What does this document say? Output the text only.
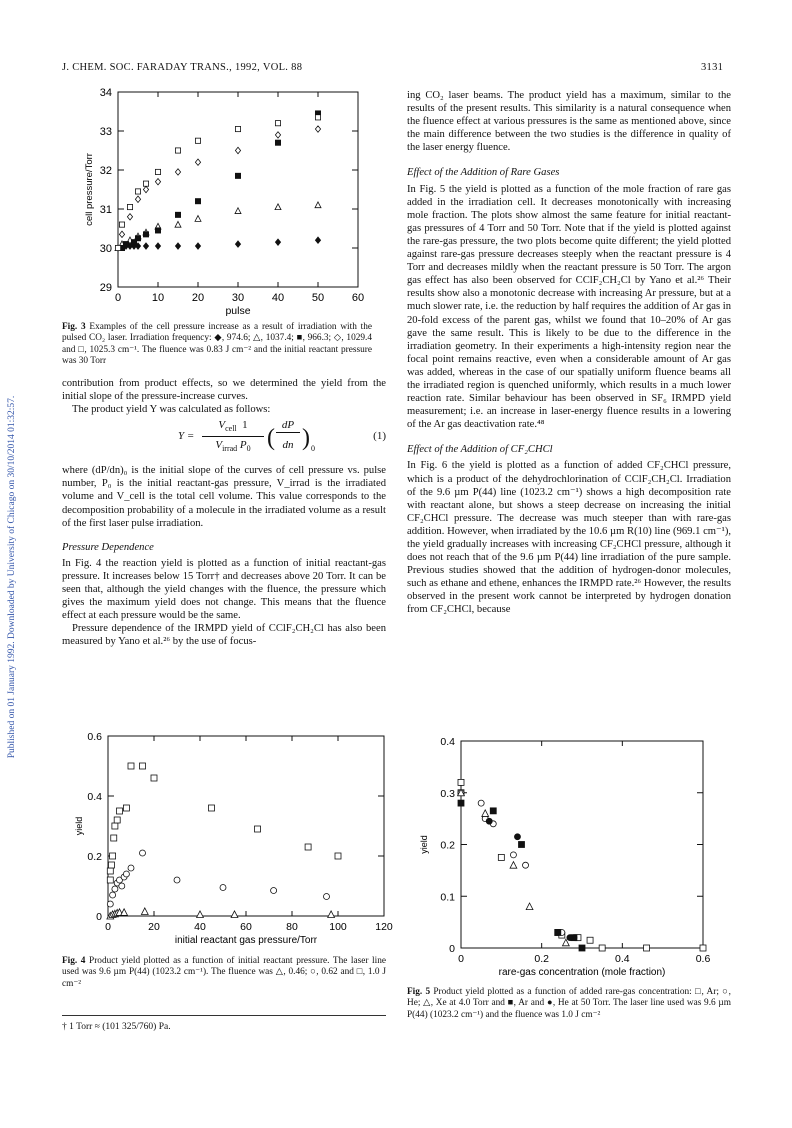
J. CHEM. SOC. FARADAY TRANS., 1992, VOL. 88	3131
Published on 01 January 1992. Downloaded by University of Chicago on 30/10/2014 01:32:57.
0	10	20	30	40	50	60
29
30
31
32
33
34
pulse
cell pressure/Torr
Fig. 3 Examples of the cell pressure increase as a result of irradiation with the pulsed CO₂ laser. Irradiation frequency: ◆, 974.6; △, 1037.4; ■, 966.3; ◇, 1029.4 and □, 1025.3 cm⁻¹. The fluence was 0.83 J cm⁻² and the initial reactant pressure was 30 Torr

contribution from product effects, so we determined the yield from the initial slope of the pressure-increase curves.

The product yield Y was calculated as follows:

Y =
$V_{cell}$ 1
$V_{irrad}$ $P_0$ ( dP
dn ) 0
(1)

where (dP/dn)₀ is the initial slope of the curves of cell pressure vs. pulse number, P₀ is the initial reactant-gas pressure, V_irrad is the irradiated volume and V_cell is the total cell volume. This value corresponds to the decomposition probability of a molecule in the irradiated volume as a result of the first laser pulse irradiation.

Pressure Dependence

In Fig. 4 the reaction yield is plotted as a function of initial reactant-gas pressure. It increases below 15 Torr† and decreases above 20 Torr. It can be seen that, although the yield changes with the fluence, the pressure which gives the maximum yield does not change. This means that the fluence effect at each pressure would be the same.

Pressure dependence of the IRMPD yield of CClF₂CH₂Cl has also been measured by Yano et al.²⁶ by the use of focus-

0	20	40	60	80	100	120
0
0.2
0.4
0.6
initial reactant gas pressure/Torr
yield
Fig. 4 Product yield plotted as a function of initial reactant pressure. The laser line used was 9.6 µm P(44) (1023.2 cm⁻¹). The fluence was △, 0.46; ○, 0.62 and □, 1.0 J cm⁻²
† 1 Torr ≈ (101 325/760) Pa.

ing CO₂ laser beams. The product yield has a maximum, similar to the results of the present results. This similarity is a natural consequence when the fluence effect at various pressures is the same as mentioned above, since the main difference between the two studies is the difference in quality of the laser energy fluence.

Effect of the Addition of Rare Gases

In Fig. 5 the yield is plotted as a function of the mole fraction of rare gas added in the irradiation cell. It decreases monotonically with increasing mole fraction. The plots show almost the same feature for initial reactant-gas pressures of 4 Torr and 50 Torr. Note that if the yield is plotted against the rare-gas pressure, the two plots become quite different; the yield plotted against rare-gas pressure decreases steeply when the reactant pressure is 4 Torr and decreases mildly when the reactant pressure is 50 Torr. The argon gas effect has also been observed for CClF₂CH₂Cl by Yano et al.²⁶ Their results show also a monotonic decrease with increasing Ar pressure, but at a much slower rate, i.e. the reduction by half requires the addition of Ar gas in 20-fold excess of the parent gas, whilst we found that 10–20% of Ar gas gave the same result. This is likely to be due to the difference in the irradiation geometry. In their experiments a high-intensity region near the focal point remains reactive, even when a considerable amount of Ar gas was added, whereas in the case of our spatially uniform fluence beams all the irradiated region is quenched uniformly, which results in a much lower reaction rate. Similar behaviour has been observed in SF₆ IRMPD yield measurement; i.e. an increase in laser-energy fluence results in a lowering of the Ar gas deactivation rate.⁴⁸

Effect of the Addition of CF₂CHCl

In Fig. 6 the yield is plotted as a function of added CF₂CHCl pressure, which is a product of the dehydrochlorination of CClF₂CH₂Cl. Irradiation of the 9.6 µm P(44) line (1023.2 cm⁻¹) shows a high decomposition rate with reactant alone, but shows a steep decrease on increasing the initial CF₂CHCl pressure. The decrease was much steeper than with rare-gas addition. However, when irradiated by the 10.6 µm R(10) line (969.1 cm⁻¹), the yield gradually increases with increasing CF₂CHCl pressure, although it does not reach that of the 9.6 µm P(44) line irradiation of the pure sample. Previous studies showed that the addition of hydrogen-donor molecules, such as ethane and ethene, enhances the IRMPD rate.²⁶ However, the results observed in the present work cannot be interpreted by hydrogen donation from CF₂CHCl, because

0	0.2	0.4	0.6
0
0.1
0.2
0.3
0.4
rare-gas concentration (mole fraction)
yield
Fig. 5 Product yield plotted as a function of added rare-gas concentration: □, Ar; ○, He; △, Xe at 4.0 Torr and ■, Ar and ●, He at 50 Torr. The laser line used was 9.6 µm P(44) (1023.2 cm⁻¹) and the fluence was 1.0 J cm⁻²
